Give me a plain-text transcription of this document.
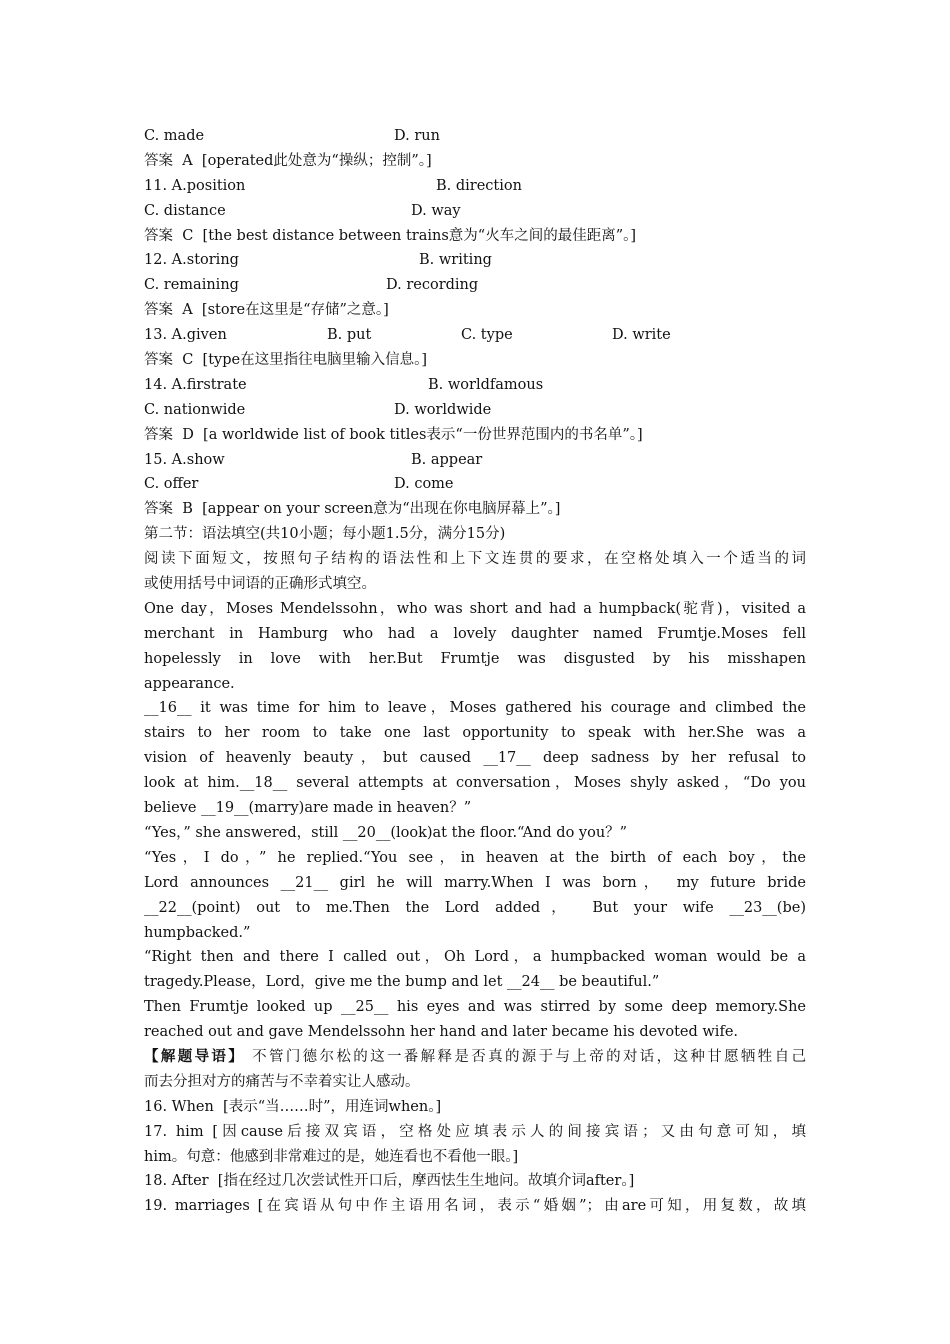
C. made	D. run
答案  A  [operated此处意为“操纵；控制”。]
11. A.position	B. direction
C. distance	D. way
答案  C  [the best distance between trains意为“火车之间的最佳距离”。]
12. A.storing	B. writing
C. remaining	D. recording
答案  A  [store在这里是“存储”之意。]
13. A.given	B. put	C. type	D. write
答案  C  [type在这里指往电脑里输入信息。]
14. A.firstrate	B. worldfamous
C. nationwide	D. worldwide
答案  D  [a worldwide list of book titles表示“一份世界范围内的书名单”。]
15. A.show	B. appear
C. offer	D. come
答案  B  [appear on your screen意为“出现在你电脑屏幕上”。]
第二节：语法填空(共10小题；每小题1.5分，满分15分)
阅读下面短文，按照句子结构的语法性和上下文连贯的要求，在空格处填入一个适当的词
或使用括号中词语的正确形式填空。
One day，Moses Mendelssohn，who was short and had a humpback(驼背)，visited a
merchant in Hamburg who had a lovely daughter named Frumtje.Moses fell
hopelessly in love with her.But Frumtje was disgusted by his misshapen
appearance.
__16__ it was time for him to leave，Moses gathered his courage and climbed the
stairs to her room to take one last opportunity to speak with her.She was a
vision of heavenly beauty，but caused __17__ deep sadness by her refusal to
look at him.__18__ several attempts at conversation，Moses shyly asked，“Do you
believe __19__(marry)are made in heaven？”
“Yes，” she answered，still __20__(look)at the floor.“And do you？”
“Yes，I do，” he replied.“You see，in heaven at the birth of each boy，the
Lord announces __21__ girl he will marry.When I was born， my future bride
__22__(point) out to me.Then the Lord added， But your wife __23__(be)
humpbacked.”
“Right then and there I called out，Oh Lord，a humpbacked woman would be a
tragedy.Please，Lord，give me the bump and let __24__ be beautiful.”
Then Frumtje looked up __25__ his eyes and was stirred by some deep memory.She
reached out and gave Mendelssohn her hand and later became his devoted wife.
【解题导语】 不管门德尔松的这一番解释是否真的源于与上帝的对话，这种甘愿牺牲自己
而去分担对方的痛苦与不幸着实让人感动。
16. When  [表示“当……时”，用连词when。]
17. him [因cause后接双宾语，空格处应填表示人的间接宾语；又由句意可知，填
him。句意：他感到非常难过的是，她连看也不看他一眼。]
18. After  [指在经过几次尝试性开口后，摩西怯生生地问。故填介词after。]
19. marriages [在宾语从句中作主语用名词，表示“婚姻”；由are可知，用复数，故填
